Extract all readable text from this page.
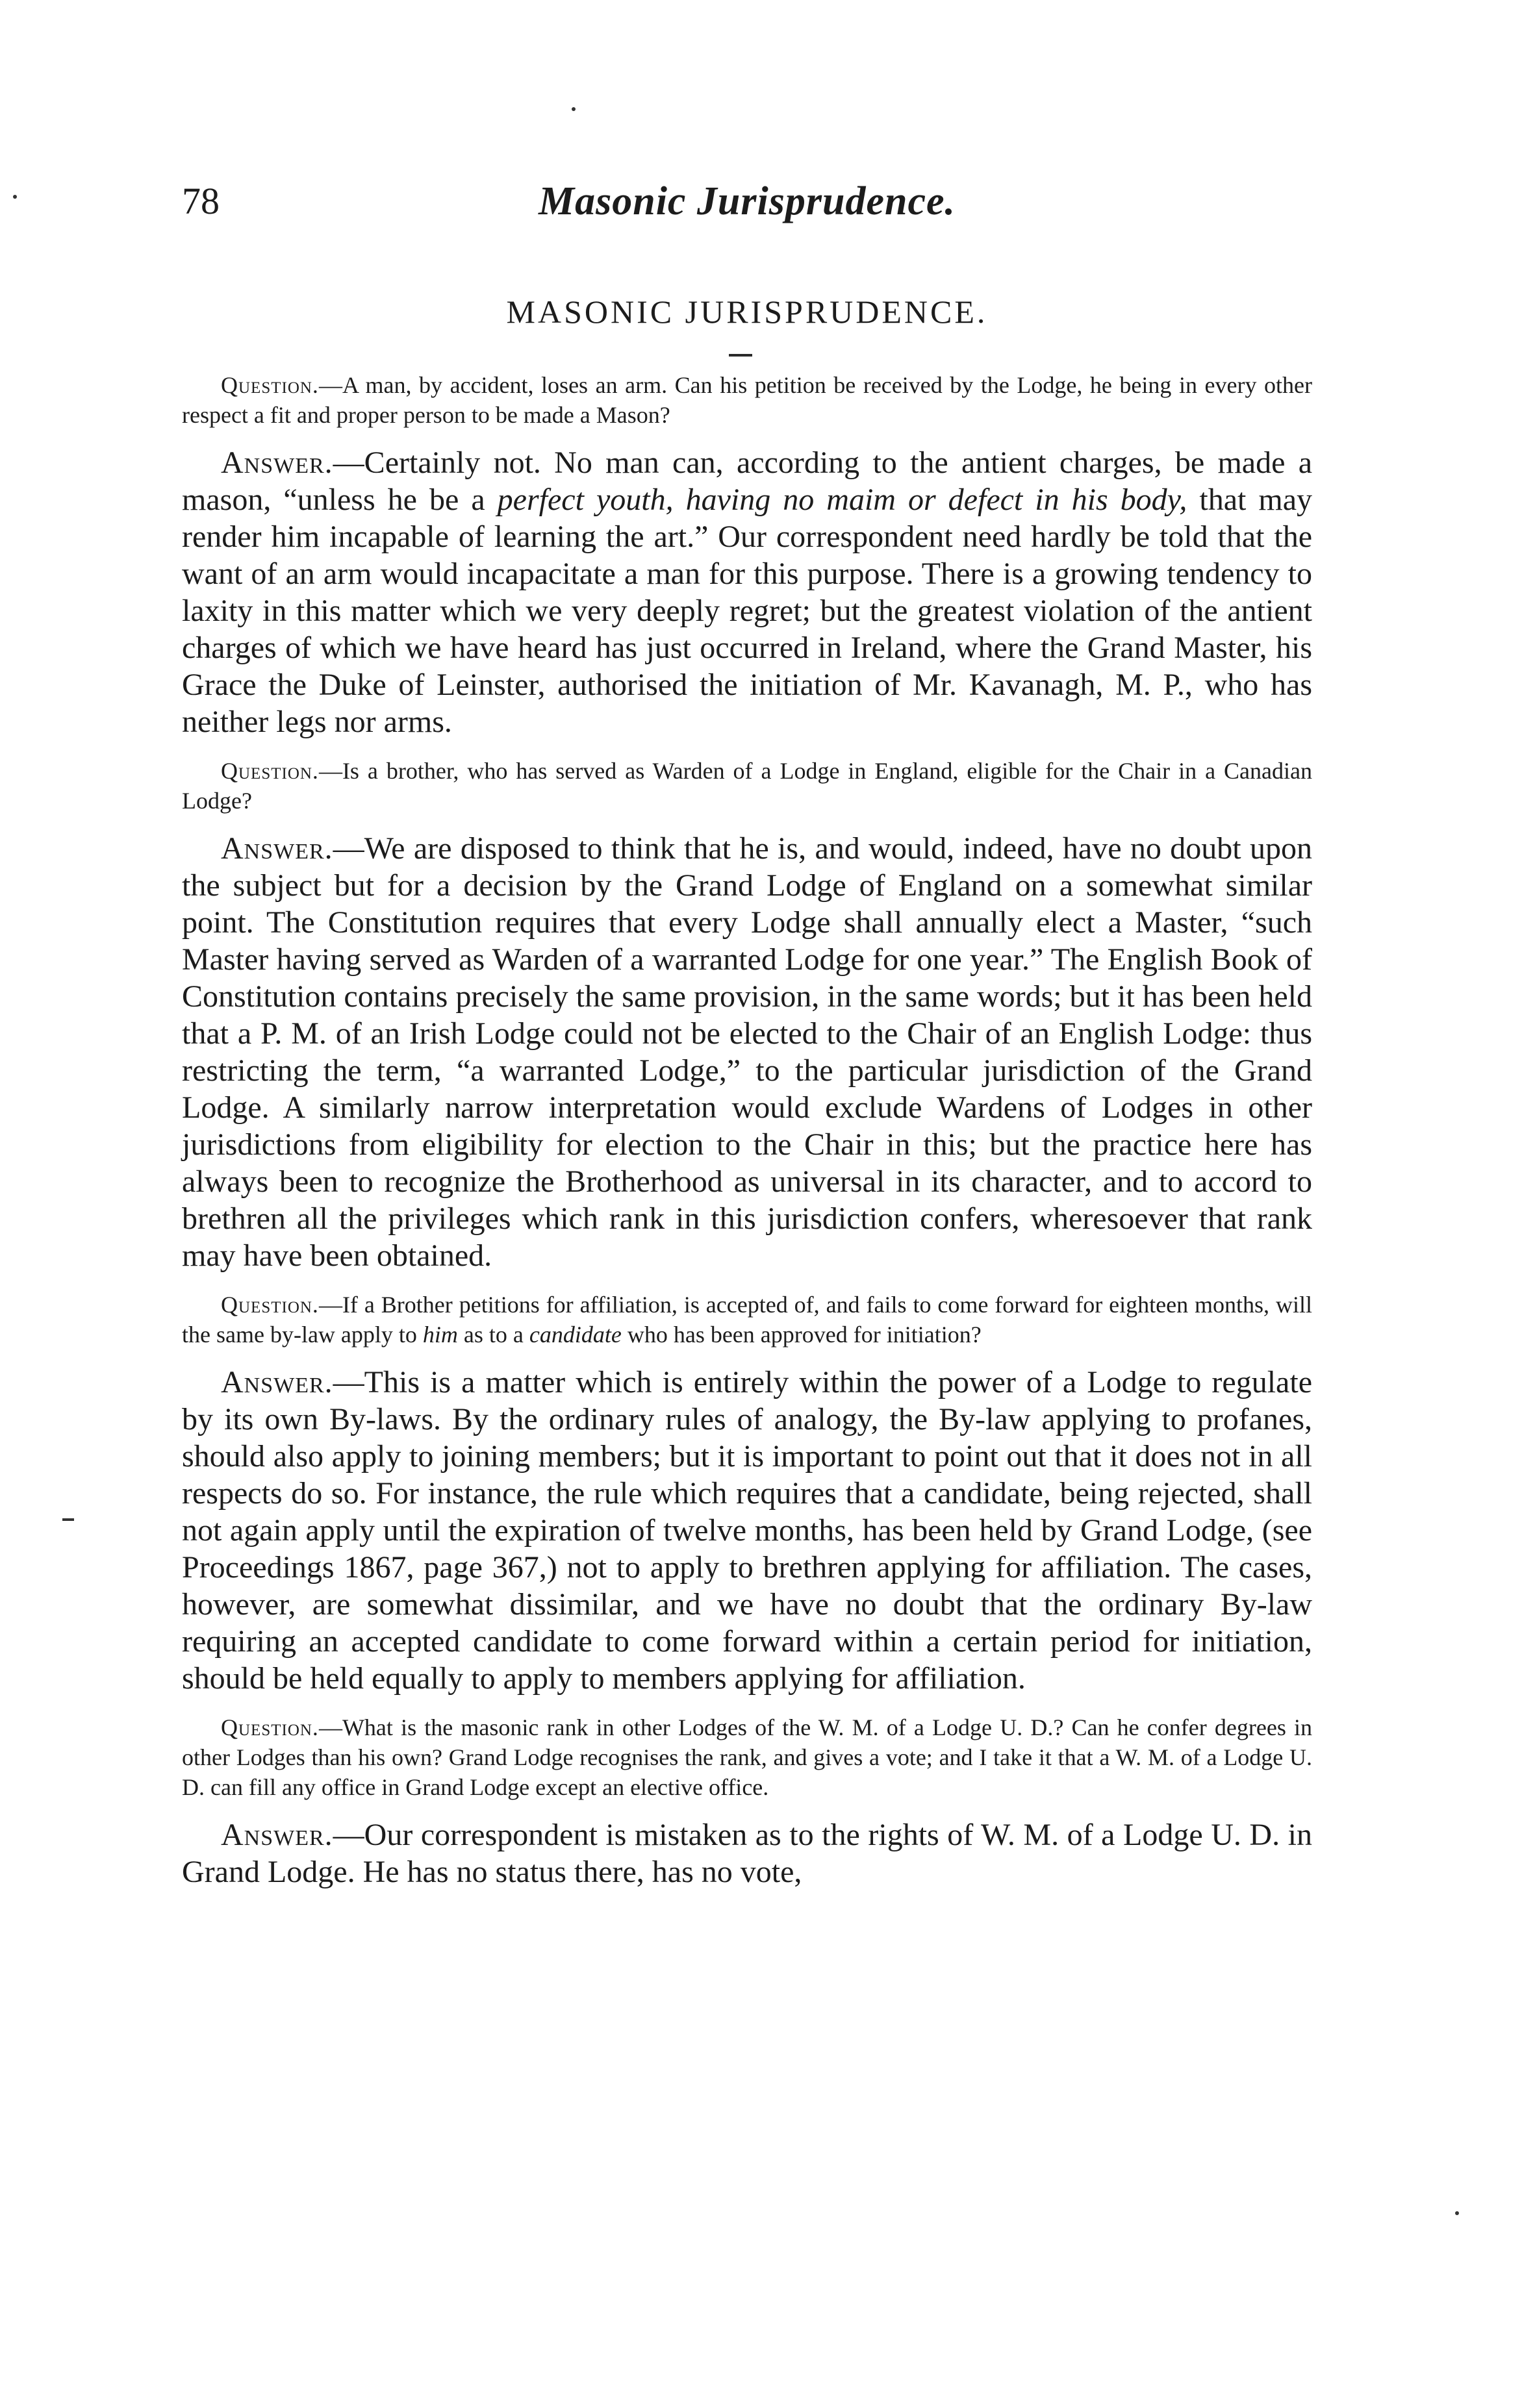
78	Masonic Jurisprudence.
MASONIC JURISPRUDENCE.

Question.—A man, by accident, loses an arm. Can his petition be received by the Lodge, he being in every other respect a fit and proper person to be made a Mason?

Answer.—Certainly not. No man can, according to the antient charges, be made a mason, “unless he be a perfect youth, having no maim or defect in his body, that may render him incapable of learning the art.” Our correspondent need hardly be told that the want of an arm would incapacitate a man for this purpose. There is a growing tendency to laxity in this matter which we very deeply regret; but the greatest violation of the antient charges of which we have heard has just occurred in Ireland, where the Grand Master, his Grace the Duke of Leinster, authorised the initiation of Mr. Kavanagh, M. P., who has neither legs nor arms.

Question.—Is a brother, who has served as Warden of a Lodge in England, eligible for the Chair in a Canadian Lodge?

Answer.—We are disposed to think that he is, and would, indeed, have no doubt upon the subject but for a decision by the Grand Lodge of England on a somewhat similar point. The Constitution requires that every Lodge shall annually elect a Master, “such Master having served as Warden of a warranted Lodge for one year.” The English Book of Constitution contains precisely the same provision, in the same words; but it has been held that a P. M. of an Irish Lodge could not be elected to the Chair of an English Lodge: thus restricting the term, “a warranted Lodge,” to the particular jurisdiction of the Grand Lodge. A similarly narrow interpretation would exclude Wardens of Lodges in other jurisdictions from eligibility for election to the Chair in this; but the practice here has always been to recognize the Brotherhood as universal in its character, and to accord to brethren all the privileges which rank in this jurisdiction confers, wheresoever that rank may have been obtained.

Question.—If a Brother petitions for affiliation, is accepted of, and fails to come forward for eighteen months, will the same by-law apply to him as to a candidate who has been approved for initiation?

Answer.—This is a matter which is entirely within the power of a Lodge to regulate by its own By-laws. By the ordinary rules of analogy, the By-law applying to profanes, should also apply to joining members; but it is important to point out that it does not in all respects do so. For instance, the rule which requires that a candidate, being rejected, shall not again apply until the expiration of twelve months, has been held by Grand Lodge, (see Proceedings 1867, page 367,) not to apply to brethren applying for affiliation. The cases, however, are somewhat dissimilar, and we have no doubt that the ordinary By-law requiring an accepted candidate to come forward within a certain period for initiation, should be held equally to apply to members applying for affiliation.

Question.—What is the masonic rank in other Lodges of the W. M. of a Lodge U. D.? Can he confer degrees in other Lodges than his own? Grand Lodge recognises the rank, and gives a vote; and I take it that a W. M. of a Lodge U. D. can fill any office in Grand Lodge except an elective office.

Answer.—Our correspondent is mistaken as to the rights of W. M. of a Lodge U. D. in Grand Lodge. He has no status there, has no vote,
